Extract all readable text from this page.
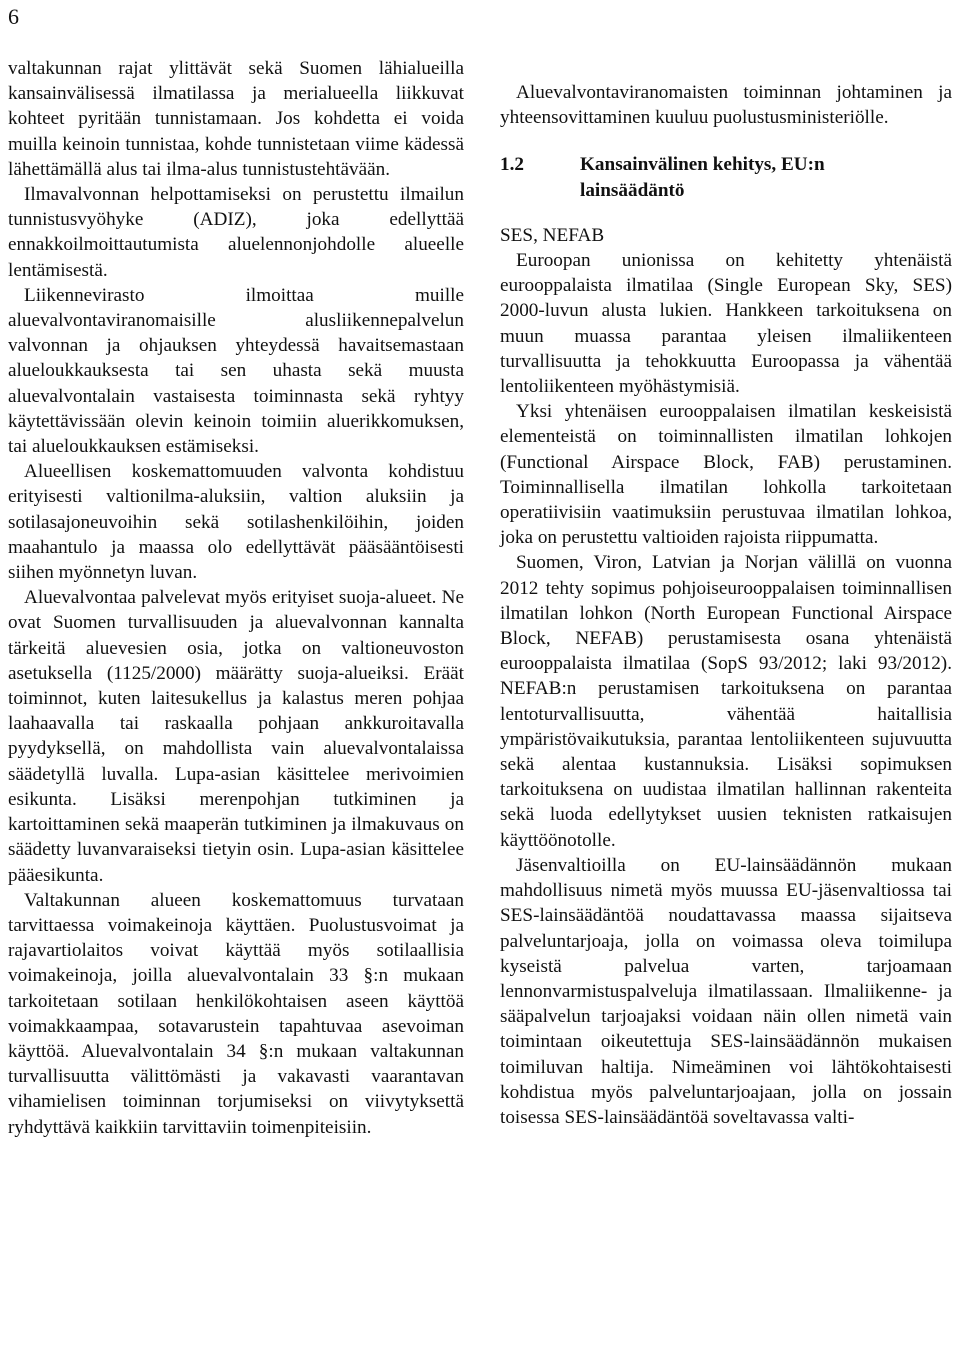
6

valtakunnan rajat ylittävät sekä Suomen lähialueilla kansainvälisessä ilmatilassa ja merialueella liikkuvat kohteet pyritään tunnistamaan. Jos kohdetta ei voida muilla keinoin tunnistaa, kohde tunnistetaan viime kädessä lähettämällä alus tai ilma-alus tunnistustehtävään.

Ilmavalvonnan helpottamiseksi on perustettu ilmailun tunnistusvyöhyke (ADIZ), joka edellyttää ennakkoilmoittautumista aluelennonjohdolle alueelle lentämisestä.

Liikennevirasto ilmoittaa muille aluevalvontaviranomaisille alusliikennepalvelun valvonnan ja ohjauksen yhteydessä havaitsemastaan alueloukkauksesta tai sen uhasta sekä muusta aluevalvontalain vastaisesta toiminnasta sekä ryhtyy käytettävissään olevin keinoin toimiin aluerikkomuksen, tai alueloukkauksen estämiseksi.

Alueellisen koskemattomuuden valvonta kohdistuu erityisesti valtionilma-aluksiin, valtion aluksiin ja sotilasajoneuvoihin sekä sotilashenkilöihin, joiden maahantulo ja maassa olo edellyttävät pääsääntöisesti siihen myönnetyn luvan.

Aluevalvontaa palvelevat myös erityiset suoja-alueet. Ne ovat Suomen turvallisuuden ja aluevalvonnan kannalta tärkeitä aluevesien osia, jotka on valtioneuvoston asetuksella (1125/2000) määrätty suoja-alueiksi. Eräät toiminnot, kuten laitesukellus ja kalastus meren pohjaa laahaavalla tai raskaalla pohjaan ankkuroitavalla pyydyksellä, on mahdollista vain aluevalvontalaissa säädetyllä luvalla. Lupa-asian käsittelee merivoimien esikunta. Lisäksi merenpohjan tutkiminen ja kartoittaminen sekä maaperän tutkiminen ja ilmakuvaus on säädetty luvanvaraiseksi tietyin osin. Lupa-asian käsittelee pääesikunta.

Valtakunnan alueen koskemattomuus turvataan tarvittaessa voimakeinoja käyttäen. Puolustusvoimat ja rajavartiolaitos voivat käyttää myös sotilaallisia voimakeinoja, joilla aluevalvontalain 33 §:n mukaan tarkoitetaan sotilaan henkilökohtaisen aseen käyttöä voimakkaampaa, sotavarustein tapahtuvaa asevoiman käyttöä. Aluevalvontalain 34 §:n mukaan valtakunnan turvallisuutta välittömästi ja vakavasti vaarantavan vihamielisen toiminnan torjumiseksi on viivytyksettä ryhdyttävä kaikkiin tarvittaviin toimenpiteisiin.

Aluevalvontaviranomaisten toiminnan johtaminen ja yhteensovittaminen kuuluu puolustusministeriölle.

1.2	Kansainvälinen kehitys, EU:n lainsäädäntö

SES, NEFAB

Euroopan unionissa on kehitetty yhtenäistä eurooppalaista ilmatilaa (Single European Sky, SES) 2000-luvun alusta lukien. Hankkeen tarkoituksena on muun muassa parantaa yleisen ilmaliikenteen turvallisuutta ja tehokkuutta Euroopassa ja vähentää lentoliikenteen myöhästymisiä.

Yksi yhtenäisen eurooppalaisen ilmatilan keskeisistä elementeistä on toiminnallisten ilmatilan lohkojen (Functional Airspace Block, FAB) perustaminen. Toiminnallisella ilmatilan lohkolla tarkoitetaan operatiivisiin vaatimuksiin perustuvaa ilmatilan lohkoa, joka on perustettu valtioiden rajoista riippumatta.

Suomen, Viron, Latvian ja Norjan välillä on vuonna 2012 tehty sopimus pohjoiseurooppalaisen toiminnallisen ilmatilan lohkon (North European Functional Airspace Block, NEFAB) perustamisesta osana yhtenäistä eurooppalaista ilmatilaa (SopS 93/2012; laki 93/2012). NEFAB:n perustamisen tarkoituksena on parantaa lentoturvallisuutta, vähentää haitallisia ympäristövaikutuksia, parantaa lentoliikenteen sujuvuutta sekä alentaa kustannuksia. Lisäksi sopimuksen tarkoituksena on uudistaa ilmatilan hallinnan rakenteita sekä luoda edellytykset uusien teknisten ratkaisujen käyttöönotolle.

Jäsenvaltioilla on EU-lainsäädännön mukaan mahdollisuus nimetä myös muussa EU-jäsenvaltiossa tai SES-lainsäädäntöä noudattavassa maassa sijaitseva palveluntarjoaja, jolla on voimassa oleva toimilupa kyseistä palvelua varten, tarjoamaan lennonvarmistuspalveluja ilmatilassaan. Ilmaliikenne- ja sääpalvelun tarjoajaksi voidaan näin ollen nimetä vain toimintaan oikeutettuja SES-lainsäädännön mukaisen toimiluvan haltija. Nimeäminen voi lähtökohtaisesti kohdistua myös palveluntarjoajaan, jolla on jossain toisessa SES-lainsäädäntöä soveltavassa valti-
